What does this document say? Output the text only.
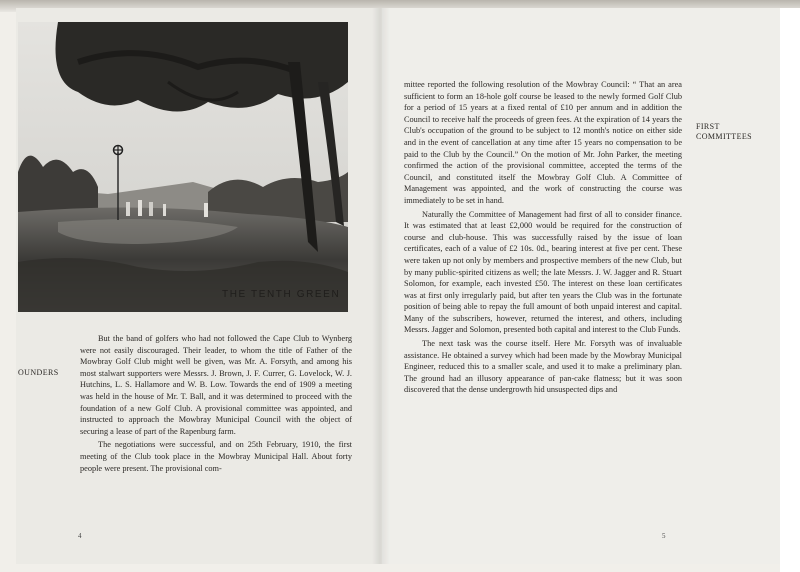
THE TENTH GREEN
OUNDERS
FIRST COMMITTEES

But the band of golfers who had not followed the Cape Club to Wynberg were not easily discouraged. Their leader, to whom the title of Father of the Mowbray Golf Club might well be given, was Mr. A. Forsyth, and among his most stalwart supporters were Messrs. J. Brown, J. F. Currer, G. Lovelock, W. J. Hutchins, L. S. Hallamore and W. B. Low. Towards the end of 1909 a meeting was held in the house of Mr. T. Ball, and it was determined to proceed with the foundation of a new Golf Club. A provisional committee was appointed, and instructed to approach the Mowbray Municipal Council with the object of securing a lease of part of the Rapenburg farm.

The negotiations were successful, and on 25th February, 1910, the first meeting of the Club took place in the Mowbray Municipal Hall. About forty people were present. The provisional com-

mittee reported the following resolution of the Mowbray Council: “ That an area sufficient to form an 18-hole golf course be leased to the newly formed Golf Club for a period of 15 years at a fixed rental of £10 per annum and in addition the Council to receive half the proceeds of green fees. At the expiration of 14 years the Club's occupation of the ground to be subject to 12 month's notice on either side and in the event of cancellation at any time after 15 years no compensation to be paid to the Club by the Council.” On the motion of Mr. John Parker, the meeting confirmed the action of the provisional committee, accepted the terms of the Council, and constituted itself the Mowbray Golf Club. A Committee of Management was appointed, and the work of constructing the course was immediately to be set in hand.

Naturally the Committee of Management had first of all to consider finance. It was estimated that at least £2,000 would be required for the construction of course and club-house. This was successfully raised by the issue of loan certificates, each of a value of £2 10s. 0d., bearing interest at five per cent. These were taken up not only by members and prospective members of the new Club, but by many public-spirited citizens as well; the late Messrs. J. W. Jagger and R. Stuart Solomon, for example, each invested £50. The interest on these loan certificates was at first only irregularly paid, but after ten years the Club was in the fortunate position of being able to repay the full amount of both unpaid interest and capital. Many of the subscribers, however, returned the interest, and others, including Messrs. Jagger and Solomon, presented both capital and interest to the Club Funds.

The next task was the course itself. Here Mr. Forsyth was of invaluable assistance. He obtained a survey which had been made by the Mowbray Municipal Engineer, reduced this to a smaller scale, and used it to make a preliminary plan. The ground had an illusory appearance of pan-cake flatness; but it was soon discovered that the dense undergrowth hid unsuspected dips and

4	5
